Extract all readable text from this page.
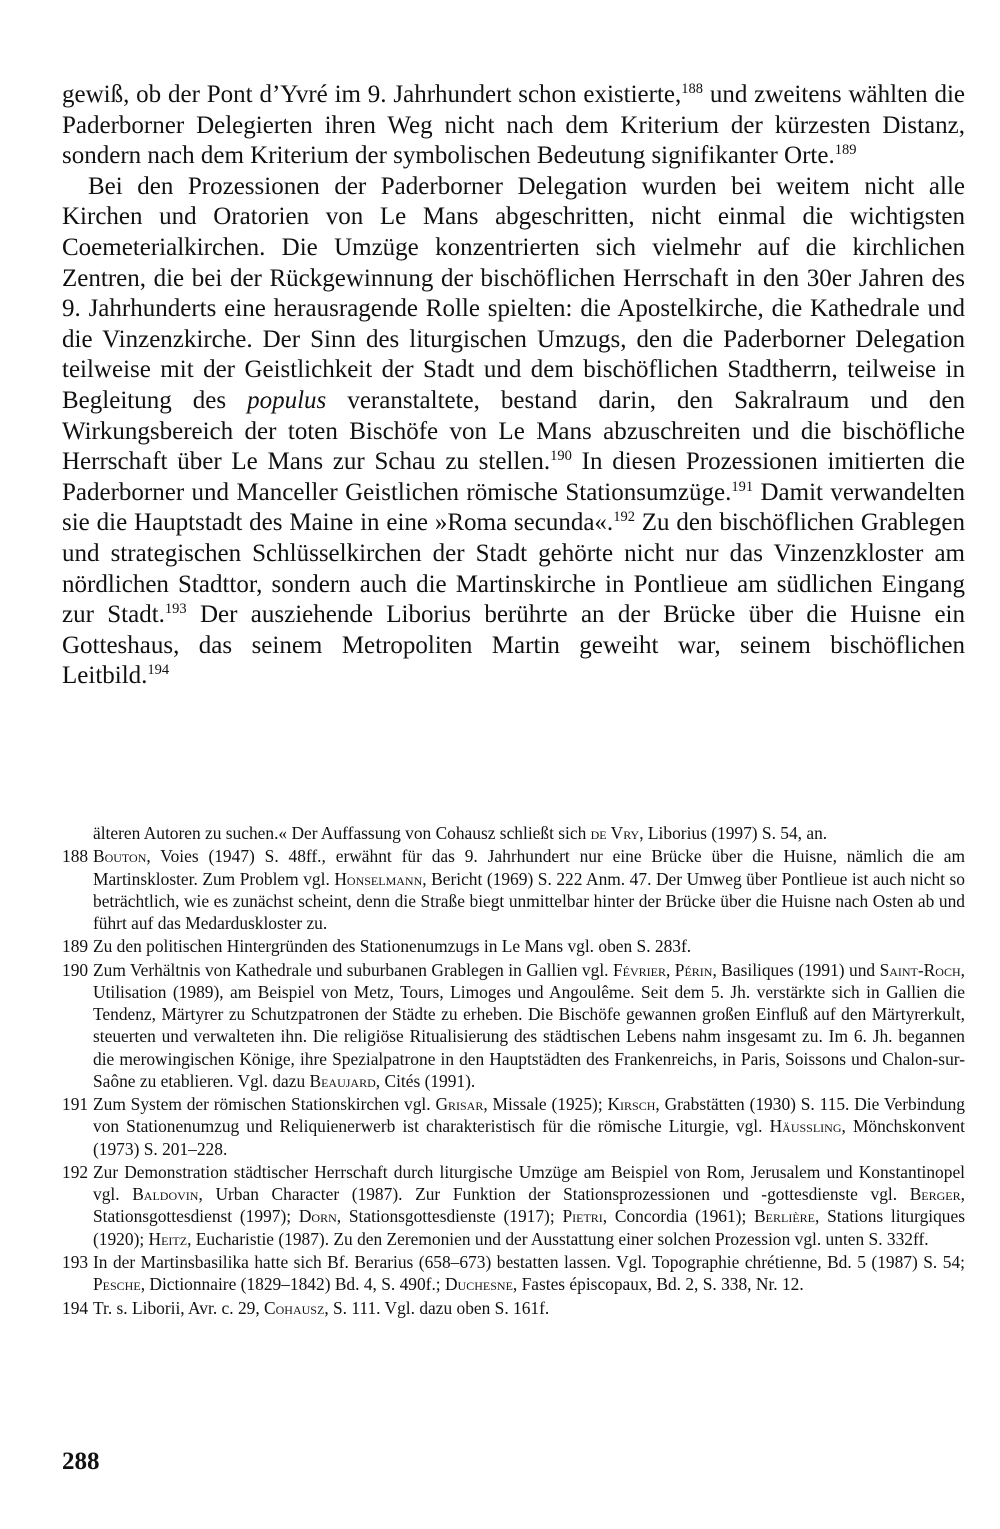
gewiß, ob der Pont d’Yvré im 9. Jahrhundert schon existierte,$^{188}$ und zweitens wählten die Paderborner Delegierten ihren Weg nicht nach dem Kriterium der kürzesten Distanz, sondern nach dem Kriterium der symbolischen Bedeutung signifikanter Orte.$^{189}$

Bei den Prozessionen der Paderborner Delegation wurden bei weitem nicht alle Kirchen und Oratorien von Le Mans abgeschritten, nicht einmal die wichtigsten Coemeterialkirchen. Die Umzüge konzentrierten sich vielmehr auf die kirchlichen Zentren, die bei der Rückgewinnung der bischöflichen Herrschaft in den 30er Jahren des 9. Jahrhunderts eine herausragende Rolle spielten: die Apostelkirche, die Kathedrale und die Vinzenzkirche. Der Sinn des liturgischen Umzugs, den die Paderborner Delegation teilweise mit der Geistlichkeit der Stadt und dem bischöflichen Stadtherrn, teilweise in Begleitung des populus veranstaltete, bestand darin, den Sakralraum und den Wirkungsbereich der toten Bischöfe von Le Mans abzuschreiten und die bischöfliche Herrschaft über Le Mans zur Schau zu stellen.$^{190}$ In diesen Prozessionen imitierten die Paderborner und Manceller Geistlichen römische Stationsumzüge.$^{191}$ Damit verwandelten sie die Hauptstadt des Maine in eine »Roma secunda«.$^{192}$ Zu den bischöflichen Grablegen und strategischen Schlüsselkirchen der Stadt gehörte nicht nur das Vinzenzkloster am nördlichen Stadttor, sondern auch die Martinskirche in Pontlieue am südlichen Eingang zur Stadt.$^{193}$ Der ausziehende Liborius berührte an der Brücke über die Huisne ein Gotteshaus, das seinem Metropoliten Martin geweiht war, seinem bischöflichen Leitbild.$^{194}$

älteren Autoren zu suchen.« Der Auffassung von Cohausz schließt sich de Vry, Liborius (1997) S. 54, an.

188 Bouton, Voies (1947) S. 48ff., erwähnt für das 9. Jahrhundert nur eine Brücke über die Huisne, nämlich die am Martinskloster. Zum Problem vgl. Honselmann, Bericht (1969) S. 222 Anm. 47. Der Umweg über Pontlieue ist auch nicht so beträchtlich, wie es zunächst scheint, denn die Straße biegt unmittelbar hinter der Brücke über die Huisne nach Osten ab und führt auf das Medarduskloster zu.

189 Zu den politischen Hintergründen des Stationenumzugs in Le Mans vgl. oben S. 283f.

190 Zum Verhältnis von Kathedrale und suburbanen Grablegen in Gallien vgl. Février, Périn, Basiliques (1991) und Saint-Roch, Utilisation (1989), am Beispiel von Metz, Tours, Limoges und Angoulême. Seit dem 5. Jh. verstärkte sich in Gallien die Tendenz, Märtyrer zu Schutzpatronen der Städte zu erheben. Die Bischöfe gewannen großen Einfluß auf den Märtyrerkult, steuerten und verwalteten ihn. Die religiöse Ritualisierung des städtischen Lebens nahm insgesamt zu. Im 6. Jh. begannen die merowingischen Könige, ihre Spezialpatrone in den Hauptstädten des Frankenreichs, in Paris, Soissons und Chalon-sur-Saône zu etablieren. Vgl. dazu Beaujard, Cités (1991).

191 Zum System der römischen Stationskirchen vgl. Grisar, Missale (1925); Kirsch, Grabstätten (1930) S. 115. Die Verbindung von Stationenumzug und Reliquienerwerb ist charakteristisch für die römische Liturgie, vgl. Häussling, Mönchskonvent (1973) S. 201–228.

192 Zur Demonstration städtischer Herrschaft durch liturgische Umzüge am Beispiel von Rom, Jerusalem und Konstantinopel vgl. Baldovin, Urban Character (1987). Zur Funktion der Stationsprozessionen und -gottesdienste vgl. Berger, Stationsgottesdienst (1997); Dorn, Stationsgottesdienste (1917); Pietri, Concordia (1961); Berlière, Stations liturgiques (1920); Heitz, Eucharistie (1987). Zu den Zeremonien und der Ausstattung einer solchen Prozession vgl. unten S. 332ff.

193 In der Martinsbasilika hatte sich Bf. Berarius (658–673) bestatten lassen. Vgl. Topographie chrétienne, Bd. 5 (1987) S. 54; Pesche, Dictionnaire (1829–1842) Bd. 4, S. 490f.; Duchesne, Fastes épiscopaux, Bd. 2, S. 338, Nr. 12.

194 Tr. s. Liborii, Avr. c. 29, Cohausz, S. 111. Vgl. dazu oben S. 161f.

288
